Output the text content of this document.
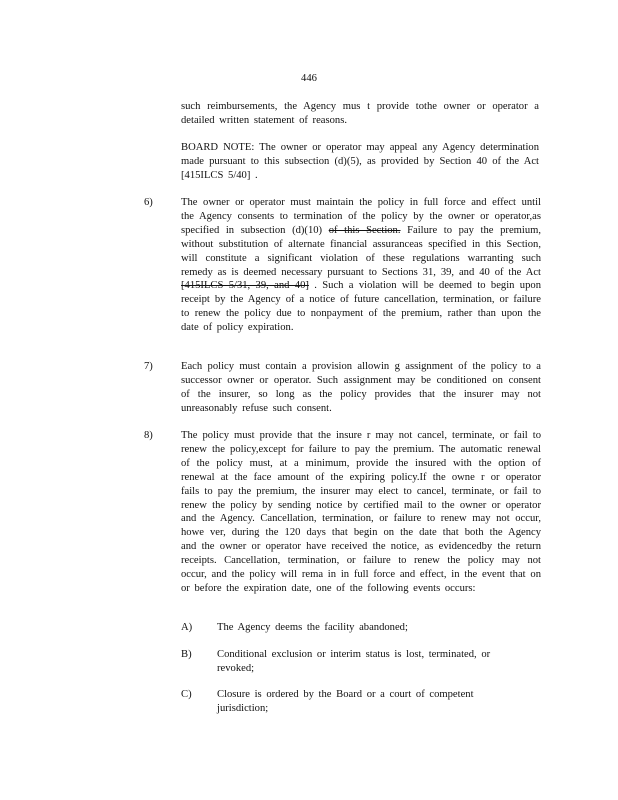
446

such reimbursements, the Agency mus t provide tothe owner or operator a detailed written statement of reasons.

BOARD NOTE: The owner or operator may appeal any Agency determination made pursuant to this subsection (d)(5), as provided by Section 40 of the Act [415ILCS 5/40] .

6)	The owner or operator must maintain the policy in full force and effect until the Agency consents to termination of the policy by the owner or operator,as specified in subsection (d)(10) of this Section. Failure to pay the premium, without substitution of alternate financial assuranceas specified in this Section, will constitute a significant violation of these regulations warranting such remedy as is deemed necessary pursuant to Sections 31, 39, and 40 of the Act [415ILCS 5/31, 39, and 40] . Such a violation will be deemed to begin upon receipt by the Agency of a notice of future cancellation, termination, or failure to renew the policy due to nonpayment of the premium, rather than upon the date of policy expiration.

7)	Each policy must contain a provision allowin g assignment of the policy to a successor owner or operator. Such assignment may be conditioned on consent of the insurer, so long as the policy provides that the insurer may not unreasonably refuse such consent.

8)	The policy must provide that the insure r may not cancel, terminate, or fail to renew the policy,except for failure to pay the premium. The automatic renewal of the policy must, at a minimum, provide the insured with the option of renewal at the face amount of the expiring policy.If the owne r or operator fails to pay the premium, the insurer may elect to cancel, terminate, or fail to renew the policy by sending notice by certified mail to the owner or operator and the Agency. Cancellation, termination, or failure to renew may not occur, howe ver, during the 120 days that begin on the date that both the Agency and the owner or operator have received the notice, as evidencedby the return receipts. Cancellation, termination, or failure to renew the policy may not occur, and the policy will rema in in full force and effect, in the event that on or before the expiration date, one of the following events occurs:

A) The Agency deems the facility abandoned;
B) Conditional exclusion or interim status is lost, terminated, or revoked;
C) Closure is ordered by the Board or a court of competent jurisdiction;
